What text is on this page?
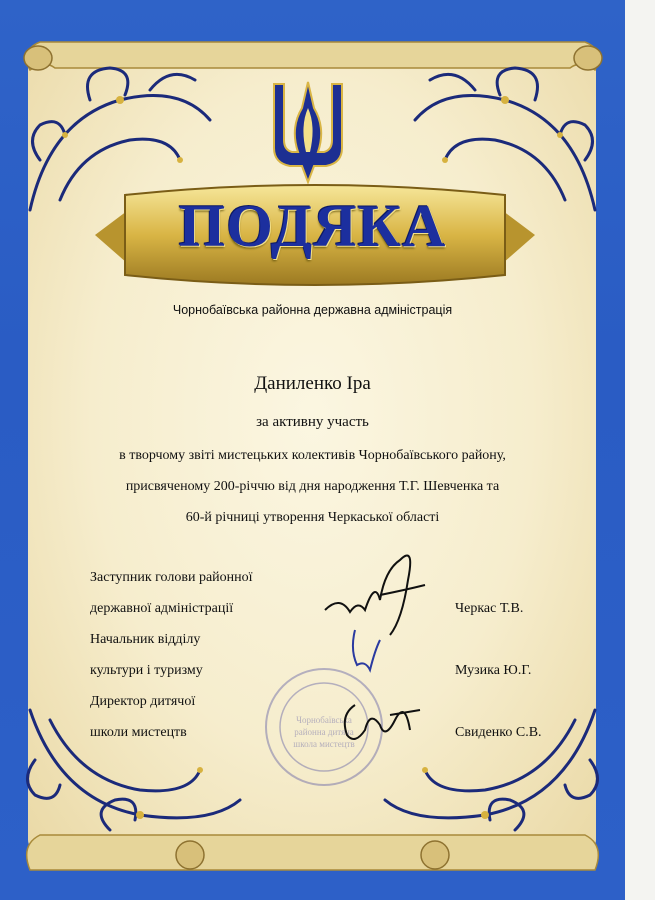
ПОДЯКА
Чорнобаївська районна державна адміністрація
Даниленко Іра
за активну участь
в творчому звіті мистецьких колективів Чорнобаївського району,
присвяченому 200-річчю від дня народження Т.Г. Шевченка та
60-й річниці утворення Черкаської області
Заступник голови районної
державної адміністрації	Черкас Т.В.
Начальник відділу
культури і туризму	Музика Ю.Г.
Директор дитячої
школи мистецтв	Свиденко С.В.
Чорнобаївська
районна дитяча
школа мистецтв
